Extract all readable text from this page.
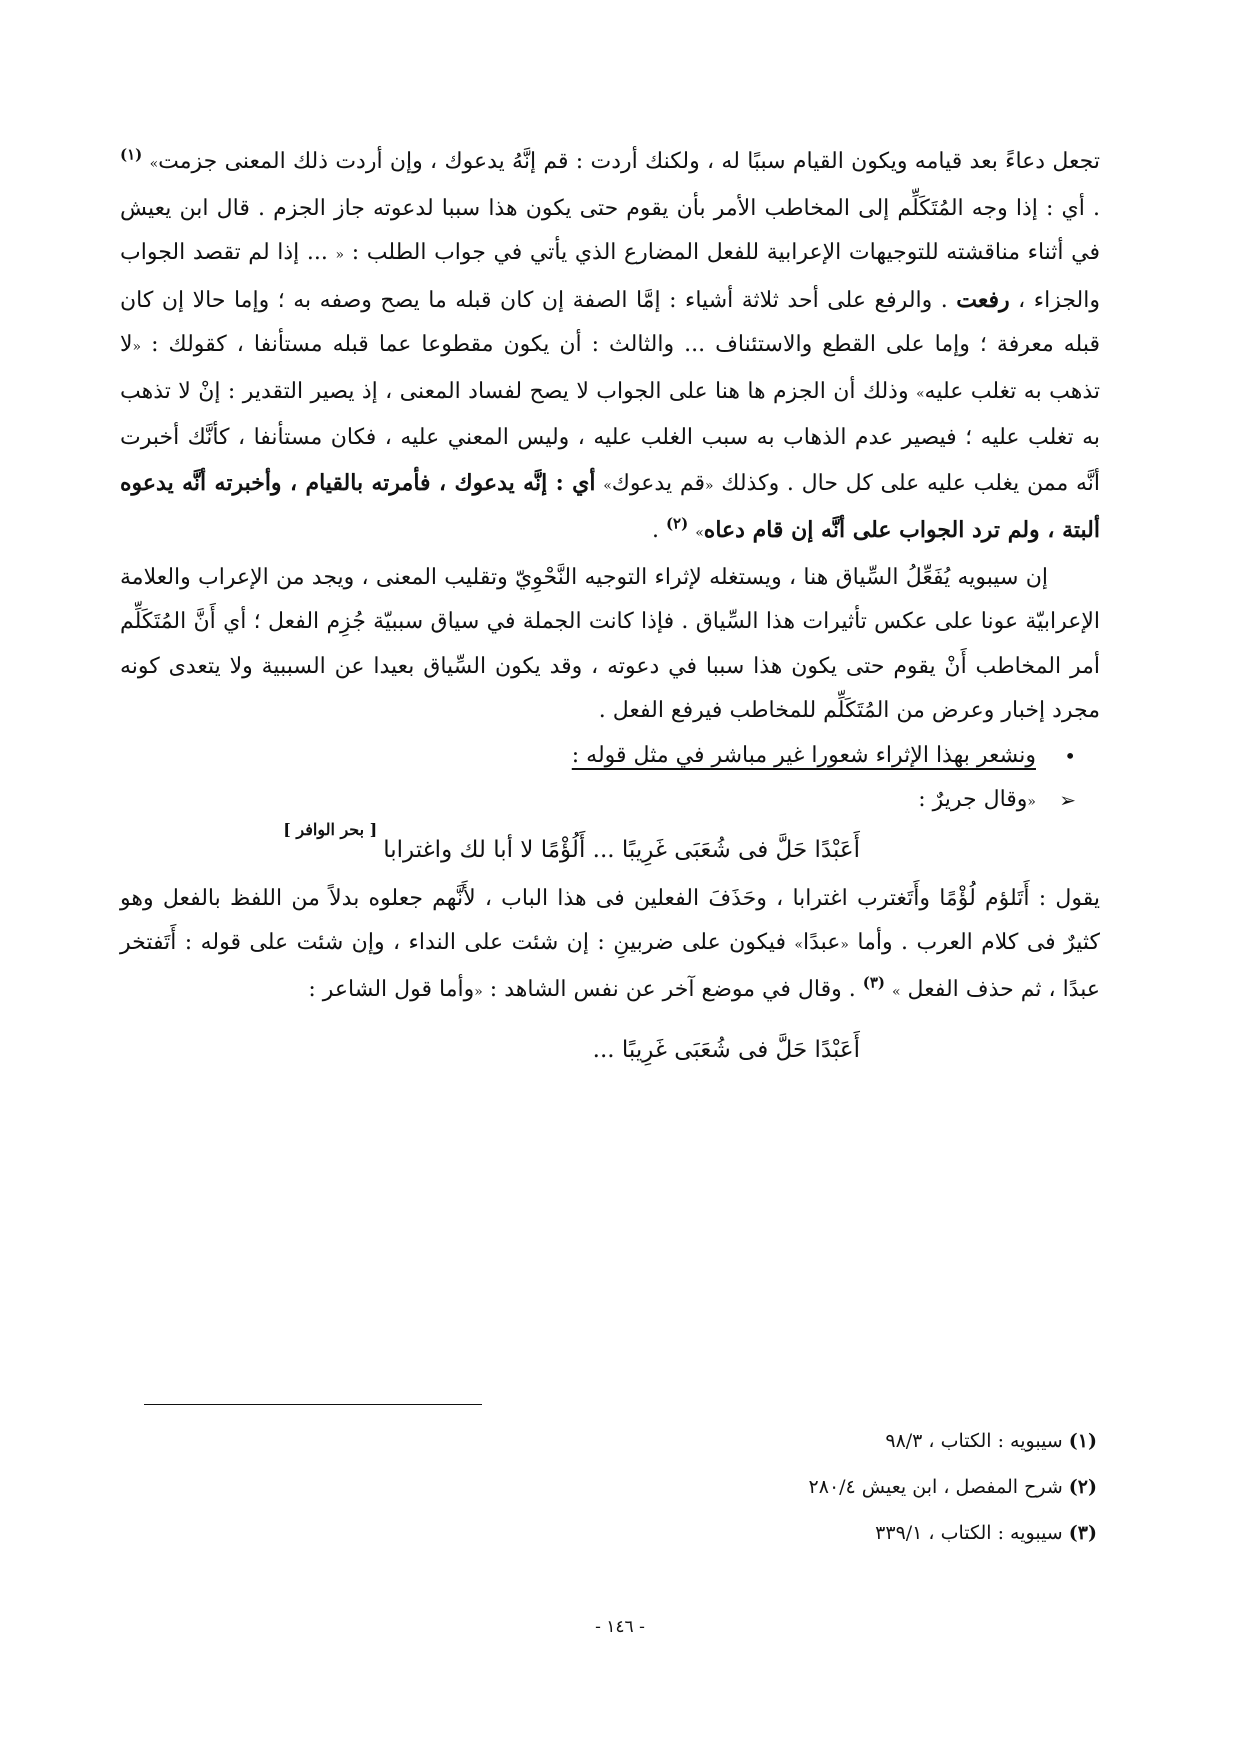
تجعل دعاءً بعد قيامه ويكون القيام سببًا له ، ولكنك أردت : قم إنَّهُ يدعوك ، وإن أردت ذلك المعنى جزمت» $^{(١)}$ . أي : إذا وجه المُتَكَلِّم إلى المخاطب الأمر بأن يقوم حتى يكون هذا سببا لدعوته جاز الجزم . قال ابن يعيش في أثناء مناقشته للتوجيهات الإعرابية للفعل المضارع الذي يأتي في جواب الطلب : « ... إذا لم تقصد الجواب والجزاء ، رفعت . والرفع على أحد ثلاثة أشياء : إمَّا الصفة إن كان قبله ما يصح وصفه به ؛ وإما حالا إن كان قبله معرفة ؛ وإما على القطع والاستئناف ... والثالث : أن يكون مقطوعا عما قبله مستأنفا ، كقولك : «لا تذهب به تغلب عليه» وذلك أن الجزم ها هنا على الجواب لا يصح لفساد المعنى ، إذ يصير التقدير : إنْ لا تذهب به تغلب عليه ؛ فيصير عدم الذهاب به سبب الغلب عليه ، وليس المعني عليه ، فكان مستأنفا ، كأنَّك أخبرت أنَّه ممن يغلب عليه على كل حال . وكذلك «قم يدعوك» أي : إنَّه يدعوك ، فأمرته بالقيام ، وأخبرته أنَّه يدعوه ألبتة ، ولم ترد الجواب على أنَّه إن قام دعاه» $^{(٢)}$ .

إن سيبويه يُفَعِّلُ السِّياق هنا ، ويستغله لإثراء التوجيه النَّحْوِيّ وتقليب المعنى ، ويجد من الإعراب والعلامة الإعرابيّة عونا على عكس تأثيرات هذا السِّياق . فإذا كانت الجملة في سياق سببيّة جُزِم الفعل ؛ أي أَنَّ المُتَكَلِّم أمر المخاطب أَنْ يقوم حتى يكون هذا سببا في دعوته ، وقد يكون السِّياق بعيدا عن السببية ولا يتعدى كونه مجرد إخبار وعرض من المُتَكَلِّم للمخاطب فيرفع الفعل .

•
ونشعر بهذا الإثراء شعورا غير مباشر في مثل قوله :
➢
«وقال جريرٌ :
أَعَبْدًا حَلَّ فی شُعَبَی غَرِیبًا ... أَلُؤْمًا لا أبا لك واغترابا[ بحر الوافر ]

يقول : أَتَلؤم لُؤْمًا وأَتَغترب اغترابا ، وحَذَفَ الفعلين فی هذا الباب ، لأَنَّهم جعلوه بدلاً من اللفظ بالفعل وهو كثيرٌ فی كلام العرب . وأما «عبدًا» فيكون على ضربينِ : إن شئت على النداء ، وإن شئت على قوله : أَتَفتخر عبدًا ، ثم حذف الفعل » $^{(٣)}$ . وقال في موضع آخر عن نفس الشاهد : «وأما قول الشاعر :

أَعَبْدًا حَلَّ فی شُعَبَی غَرِیبًا ...
(١) سيبويه : الكتاب ، ٩٨/٣
(٢) شرح المفصل ، ابن يعيش ٢٨٠/٤
(٣) سيبويه : الكتاب ، ٣٣٩/١
- ١٤٦ -
